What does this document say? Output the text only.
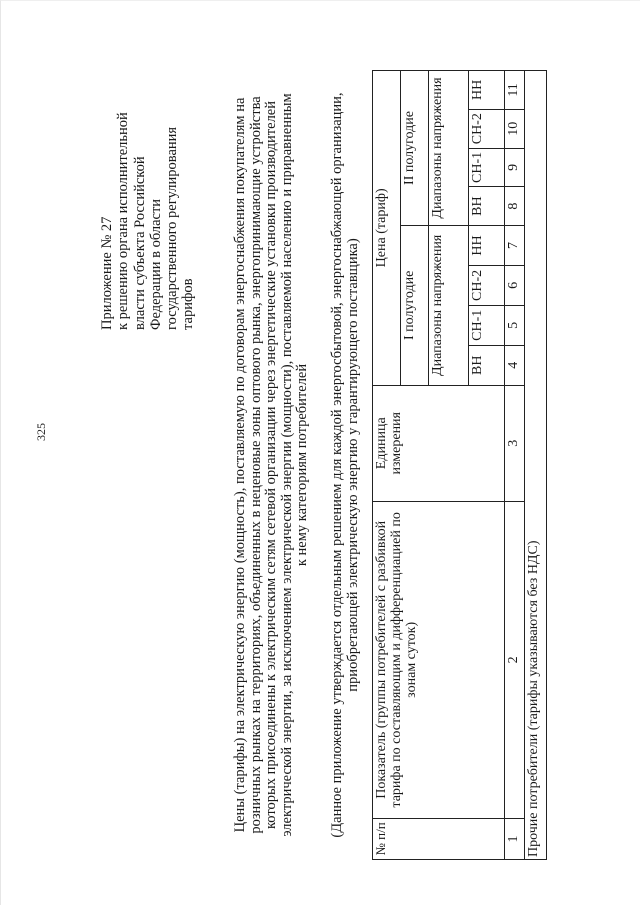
325
Приложение № 27 к решению органа исполнительной власти субъекта Российской Федерации в области государственного регулирования тарифов Цены (тарифы) на электрическую энергию (мощность), поставляемую по договорам энергоснабжения покупателям на розничных рынках на территориях, объединенных в неценовые зоны оптового рынка, энергопринимающие устройства которых присоединены к электрическим сетям сетевой организации через энергетические установки производителей электрической энергии, за исключением электрической энергии (мощности), поставляемой населению и приравненным к нему категориям потребителей (Данное приложение утверждается отдельным решением для каждой энергосбытовой, энергоснабжающей организации, приобретающей электрическую энергию у гарантирующего поставщика)
№ п/п	Показатель (группы потребителей с разбивкой тарифа по составляющим и дифференциацией по зонам суток)	Единица измерения	Цена (тариф)							
			I полугодие				II полугодие			
			Диапазоны напряжения				Диапазоны напряжения			
			ВН	СН-1	СН-2	НН	ВН	СН-1	СН-2	НН
1	2	3	4	5	6	7	8	9	10	11
Прочие потребители (тарифы указываются без НДС)										
